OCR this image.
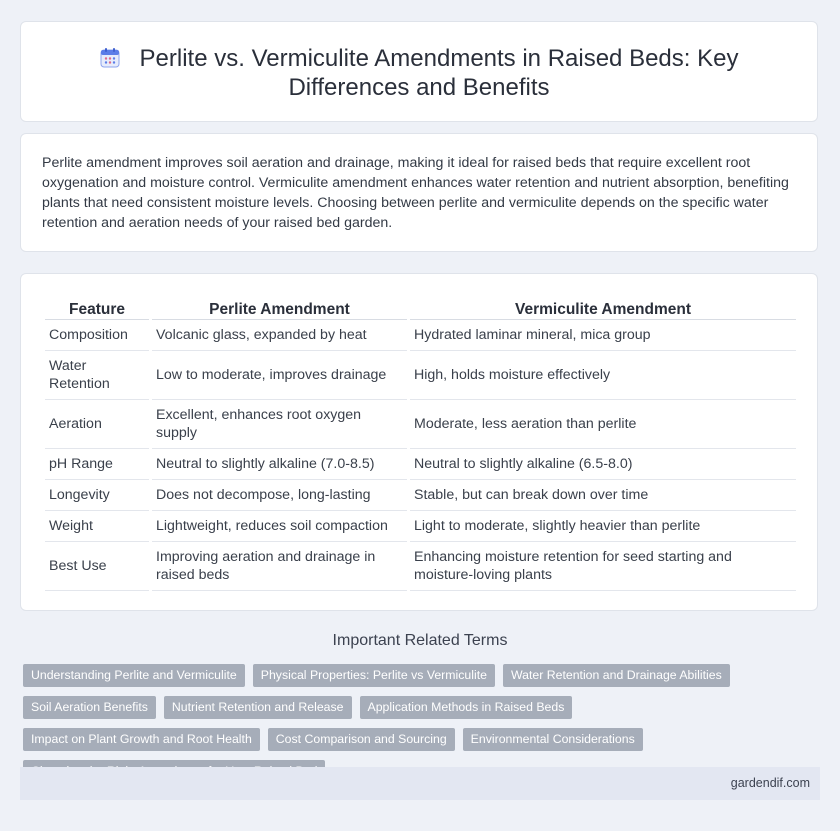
Perlite vs. Vermiculite Amendments in Raised Beds: Key
Differences and Benefits
Perlite amendment improves soil aeration and drainage, making it ideal for raised beds that require excellent root oxygenation and moisture control. Vermiculite amendment enhances water retention and nutrient absorption, benefiting plants that need consistent moisture levels. Choosing between perlite and vermiculite depends on the specific water retention and aeration needs of your raised bed garden.
Feature	Perlite Amendment	Vermiculite Amendment
Composition	Volcanic glass, expanded by heat	Hydrated laminar mineral, mica group
Water Retention	Low to moderate, improves drainage	High, holds moisture effectively
Aeration	Excellent, enhances root oxygen supply	Moderate, less aeration than perlite
pH Range	Neutral to slightly alkaline (7.0-8.5)	Neutral to slightly alkaline (6.5-8.0)
Longevity	Does not decompose, long-lasting	Stable, but can break down over time
Weight	Lightweight, reduces soil compaction	Light to moderate, slightly heavier than perlite
Best Use	Improving aeration and drainage in raised beds	Enhancing moisture retention for seed starting and moisture-loving plants
Important Related Terms
Understanding Perlite and Vermiculite	Physical Properties: Perlite vs Vermiculite	Water Retention and Drainage Abilities
Soil Aeration Benefits	Nutrient Retention and Release	Application Methods in Raised Beds
Impact on Plant Growth and Root Health	Cost Comparison and Sourcing	Environmental Considerations
gardendif.com
